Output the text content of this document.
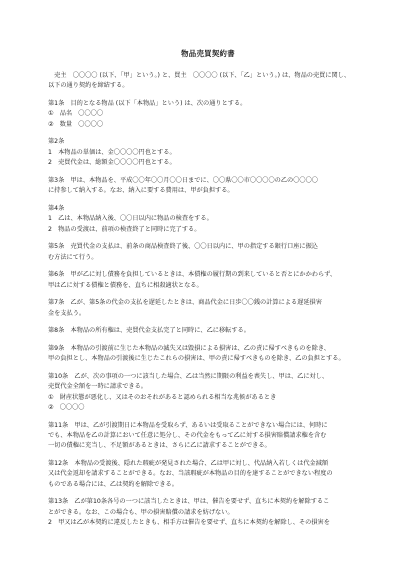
物品売買契約書
　売主　〇〇〇〇 (以下、「甲」という。) と、買主　〇〇〇〇 (以下、「乙」という。) は、物品の売買に関し、
以下の通り契約を締結する。
第1条　目的となる物品 (以下「本物品」という) は、次の通りとする。
①　品名　〇〇〇〇
②　数量　〇〇〇〇
第2条
1　本物品の単価は、金〇〇〇〇円也とする。
2　売買代金は、総額金〇〇〇〇円也とする。
第3条　甲は、本物品を、平成〇〇年〇〇月〇〇日までに、〇〇県〇〇市〇〇〇〇の乙の〇〇〇〇
に持参して納入する。なお、納入に要する費用は、甲が負担する。
第4条
1　乙は、本物品納入後、〇〇日以内に物品の検査をする。
2　物品の受渡は、前項の検査終了と同時に完了する。
第5条　売買代金の支払は、前条の商品検査終了後、〇〇日以内に、甲の指定する銀行口座に振込
む方法にて行う。
第6条　甲が乙に対し債務を負担しているときは、本債権の履行期の到来していると否とにかかわらず、
甲は乙に対する債権と債務を、直ちに相殺適状となる。
第7条　乙が、第5条の代金の支払を遅延したときは、商品代金に日歩〇〇銭の計算による遅延損害
金を支払う。
第8条　本物品の所有権は、売買代金支払完了と同時に、乙に移転する。
第9条　本物品の引渡前に生じた本物品の滅失又は毀損による損害は、乙の責に帰すべきものを除き、
甲の負担とし、本物品の引渡後に生じたこれらの損害は、甲の責に帰すべきものを除き、乙の負担とする。
第10条　乙が、次の事項の一つに該当した場合、乙は当然に期限の利益を喪失し、甲は、乙に対し、
売買代金全額を一時に請求できる。
①　財産状態が悪化し、又はそのおそれがあると認められる相当な兆候があるとき
②　〇〇〇〇
第11条　甲は、乙が引渡期日に本物品を受取らず、あるいは受取ることができない場合には、何時に
でも、本物品を乙の計算において任意に処分し、その代金をもって乙に対する損害賠償請求権を含む
一切の債権に充当し、不足額があるときは、さらに乙に請求することができる。
第12条　本物品の受渡後、隠れた瑕疵が発見された場合、乙は甲に対し、代品納入若しくは代金減額
又は代金返却を請求することができる。なお、当該瑕疵が本物品の目的を達することができない程度の
ものである場合には、乙は契約を解除できる。
第13条　乙が第10条各号の一つに該当したときは、甲は、催告を要せず、直ちに本契約を解除するこ
とができる。なお、この場合も、甲の損害賠償の請求を妨げない。
2　甲又は乙が本契約に違反したときも、相手方は催告を要せず、直ちに本契約を解除し、その損害を
